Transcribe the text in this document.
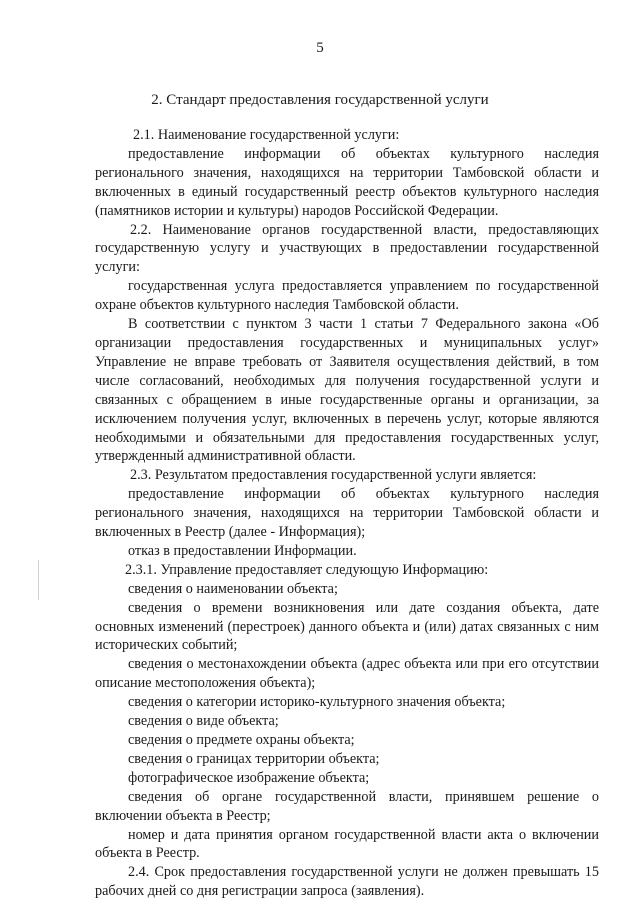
5
2. Стандарт предоставления государственной услуги

2.1. Наименование государственной услуги:

предоставление информации об объектах культурного наследия регионального значения, находящихся на территории Тамбовской области и включенных в единый государственный реестр объектов культурного наследия (памятников истории и культуры) народов Российской Федерации.

2.2. Наименование органов государственной власти, предоставляющих государственную услугу и участвующих в предоставлении государственной услуги:

государственная услуга предоставляется управлением по государственной охране объектов культурного наследия Тамбовской области.

В соответствии с пунктом 3 части 1 статьи 7 Федерального закона «Об организации предоставления государственных и муниципальных услуг» Управление не вправе требовать от Заявителя осуществления действий, в том числе согласований, необходимых для получения государственной услуги и связанных с обращением в иные государственные органы и организации, за исключением получения услуг, включенных в перечень услуг, которые являются необходимыми и обязательными для предоставления государственных услуг, утвержденный административной области.

2.3. Результатом предоставления государственной услуги является:

предоставление информации об объектах культурного наследия регионального значения, находящихся на территории Тамбовской области и включенных в Реестр (далее - Информация);

отказ в предоставлении Информации.

2.3.1. Управление предоставляет следующую Информацию:

сведения о наименовании объекта;

сведения о времени возникновения или дате создания объекта, дате основных изменений (перестроек) данного объекта и (или) датах связанных с ним исторических событий;

сведения о местонахождении объекта (адрес объекта или при его отсутствии описание местоположения объекта);

сведения о категории историко-культурного значения объекта;

сведения о виде объекта;

сведения о предмете охраны объекта;

сведения о границах территории объекта;

фотографическое изображение объекта;

сведения об органе государственной власти, принявшем решение о включении объекта в Реестр;

номер и дата принятия органом государственной власти акта о включении объекта в Реестр.

2.4. Срок предоставления государственной услуги не должен превышать 15 рабочих дней со дня регистрации запроса (заявления).
